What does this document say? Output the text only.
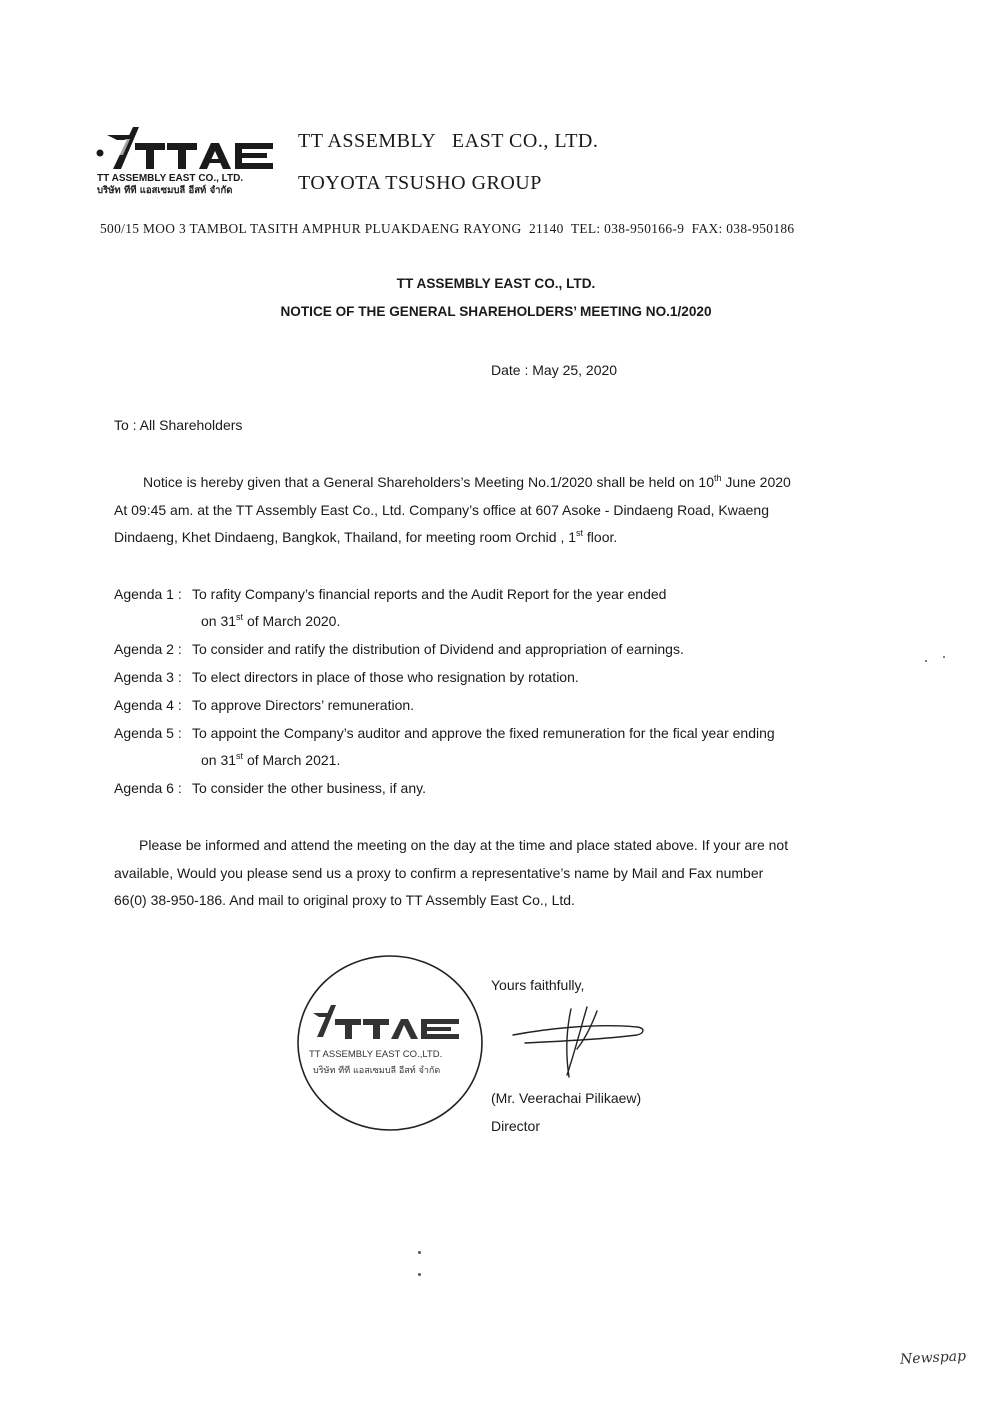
TT ASSEMBLY EAST CO., LTD.
บริษัท ทีที แอสเซมบลี อีสท์ จำกัด
TT ASSEMBLY   EAST CO., LTD.
TOYOTA TSUSHO GROUP
500/15 MOO 3 TAMBOL TASITH AMPHUR PLUAKDAENG RAYONG  21140  TEL: 038-950166-9  FAX: 038-950186
TT ASSEMBLY EAST CO., LTD.
NOTICE OF THE GENERAL SHAREHOLDERS’ MEETING NO.1/2020
Date : May 25, 2020
To : All Shareholders
Notice is hereby given that a General Shareholders’s Meeting No.1/2020 shall be held on 10th June 2020
At 09:45 am. at the TT Assembly East Co., Ltd. Company’s office at 607 Asoke - Dindaeng Road, Kwaeng
Dindaeng, Khet Dindaeng, Bangkok, Thailand, for meeting room Orchid , 1st floor.
Agenda 1 : To rafity Company’s financial reports and the Audit Report for the year ended
on 31st of March 2020.
Agenda 2 : To consider and ratify the distribution of Dividend and appropriation of earnings.
Agenda 3 : To elect directors in place of those who resignation by rotation.
Agenda 4 : To approve Directors’ remuneration.
Agenda 5 : To appoint the Company’s auditor and approve the fixed remuneration for the fical year ending
on 31st of March 2021.
Agenda 6 : To consider the other business, if any.
Please be informed and attend the meeting on the day at the time and place stated above. If your are not
available, Would you please send us a proxy to confirm a representative’s name by Mail and Fax number
66(0) 38-950-186. And mail to original proxy to TT Assembly East Co., Ltd.
TT ASSEMBLY EAST CO.,LTD.
บริษัท ทีที แอสเซมบลี อีสท์ จำกัด
Yours faithfully,
(Mr. Veerachai Pilikaew)
Director
Newspap
